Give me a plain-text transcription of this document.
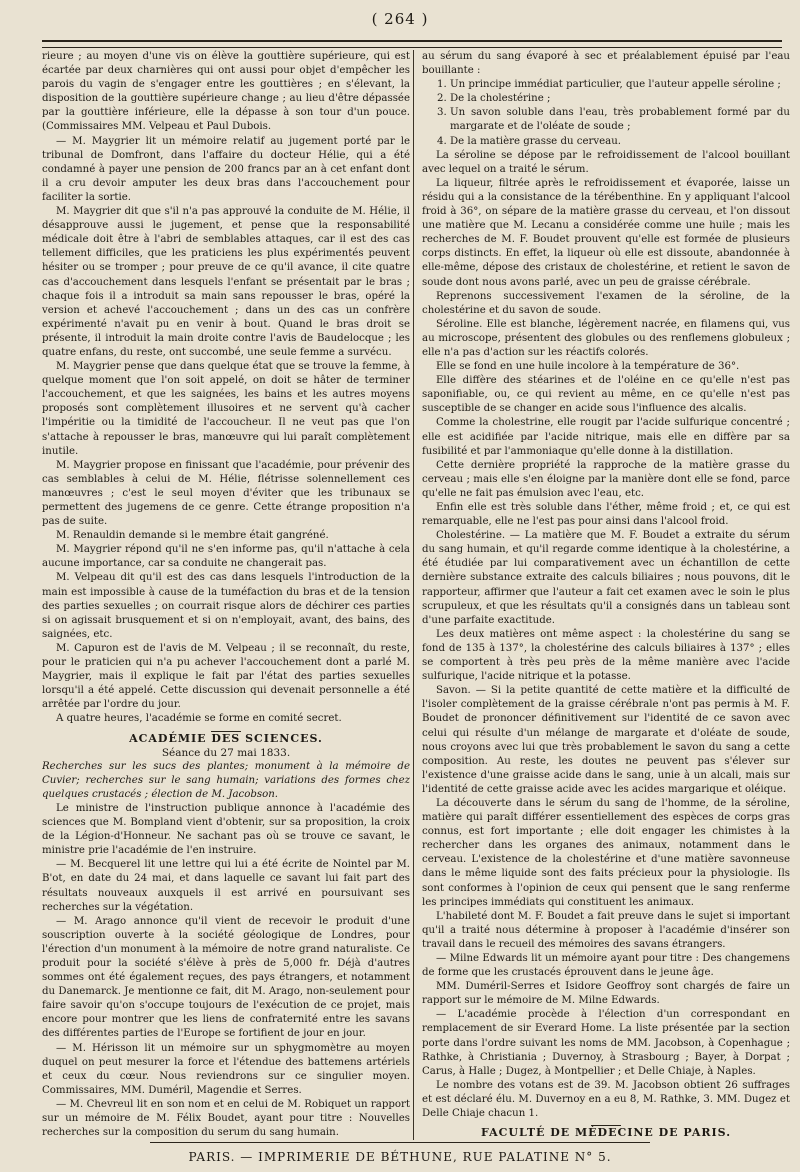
( 264 )

rieure ; au moyen d'une vis on élève la gouttière supérieure, qui est écartée par deux charnières qui ont aussi pour objet d'empêcher les parois du vagin de s'engager entre les gouttières ; en s'élevant, la disposition de la gouttière supérieure change ; au lieu d'être dépassée par la gouttière inférieure, elle la dépasse à son tour d'un pouce. (Commissaires MM. Velpeau et Paul Dubois.

— M. Maygrier lit un mémoire relatif au jugement porté par le tribunal de Domfront, dans l'affaire du docteur Hélie, qui a été condamné à payer une pension de 200 francs par an à cet enfant dont il a cru devoir amputer les deux bras dans l'accouchement pour faciliter la sortie.

M. Maygrier dit que s'il n'a pas approuvé la conduite de M. Hélie, il désapprouve aussi le jugement, et pense que la responsabilité médicale doit être à l'abri de semblables attaques, car il est des cas tellement difficiles, que les praticiens les plus expérimentés peuvent hésiter ou se tromper ; pour preuve de ce qu'il avance, il cite quatre cas d'accouchement dans lesquels l'enfant se présentait par le bras ; chaque fois il a introduit sa main sans repousser le bras, opéré la version et achevé l'accouchement ; dans un des cas un confrère expérimenté n'avait pu en venir à bout. Quand le bras droit se présente, il introduit la main droite contre l'avis de Baudelocque ; les quatre enfans, du reste, ont succombé, une seule femme a survécu.

M. Maygrier pense que dans quelque état que se trouve la femme, à quelque moment que l'on soit appelé, on doit se hâter de terminer l'accouchement, et que les saignées, les bains et les autres moyens proposés sont complètement illusoires et ne servent qu'à cacher l'impéritie ou la timidité de l'accoucheur. Il ne veut pas que l'on s'attache à repousser le bras, manœuvre qui lui paraît complètement inutile.

M. Maygrier propose en finissant que l'académie, pour prévenir des cas semblables à celui de M. Hélie, flétrisse solennellement ces manœuvres ; c'est le seul moyen d'éviter que les tribunaux se permettent des jugemens de ce genre. Cette étrange proposition n'a pas de suite.

M. Renauldin demande si le membre était gangréné.

M. Maygrier répond qu'il ne s'en informe pas, qu'il n'attache à cela aucune importance, car sa conduite ne changerait pas.

M. Velpeau dit qu'il est des cas dans lesquels l'introduction de la main est impossible à cause de la tuméfaction du bras et de la tension des parties sexuelles ; on courrait risque alors de déchirer ces parties si on agissait brusquement et si on n'employait, avant, des bains, des saignées, etc.

M. Capuron est de l'avis de M. Velpeau ; il se reconnaît, du reste, pour le praticien qui n'a pu achever l'accouchement dont a parlé M. Maygrier, mais il explique le fait par l'état des parties sexuelles lorsqu'il a été appelé. Cette discussion qui devenait personnelle a été arrêtée par l'ordre du jour.

A quatre heures, l'académie se forme en comité secret.

ACADÉMIE DES SCIENCES.

Séance du 27 mai 1833.

Recherches sur les sucs des plantes; monument à la mémoire de Cuvier; recherches sur le sang humain; variations des formes chez quelques crustacés ; élection de M. Jacobson.

Le ministre de l'instruction publique annonce à l'académie des sciences que M. Bompland vient d'obtenir, sur sa proposition, la croix de la Légion-d'Honneur. Ne sachant pas où se trouve ce savant, le ministre prie l'académie de l'en instruire.

— M. Becquerel lit une lettre qui lui a été écrite de Nointel par M. B'ot, en date du 24 mai, et dans laquelle ce savant lui fait part des résultats nouveaux auxquels il est arrivé en poursuivant ses recherches sur la végétation.

— M. Arago annonce qu'il vient de recevoir le produit d'une souscription ouverte à la société géologique de Londres, pour l'érection d'un monument à la mémoire de notre grand naturaliste. Ce produit pour la société s'élève à près de 5,000 fr. Déjà d'autres sommes ont été également reçues, des pays étrangers, et notamment du Danemarck. Je mentionne ce fait, dit M. Arago, non-seulement pour faire savoir qu'on s'occupe toujours de l'exécution de ce projet, mais encore pour montrer que les liens de confraternité entre les savans des différentes parties de l'Europe se fortifient de jour en jour.

— M. Hérisson lit un mémoire sur un sphygmomètre au moyen duquel on peut mesurer la force et l'étendue des battemens artériels et ceux du cœur. Nous reviendrons sur ce singulier moyen. Commissaires, MM. Duméril, Magendie et Serres.

— M. Chevreul lit en son nom et en celui de M. Robiquet un rapport sur un mémoire de M. Félix Boudet, ayant pour titre : Nouvelles recherches sur la composition du serum du sang humain.

au sérum du sang évaporé à sec et préalablement épuisé par l'eau bouillante :

1. Un principe immédiat particulier, que l'auteur appelle séroline ;
2. De la cholestérine ;
3. Un savon soluble dans l'eau, très probablement formé par du margarate et de l'oléate de soude ;
4. De la matière grasse du cerveau.

La séroline se dépose par le refroidissement de l'alcool bouillant avec lequel on a traité le sérum.

La liqueur, filtrée après le refroidissement et évaporée, laisse un résidu qui a la consistance de la térébenthine. En y appliquant l'alcool froid à 36°, on sépare de la matière grasse du cerveau, et l'on dissout une matière que M. Lecanu a considérée comme une huile ; mais les recherches de M. F. Boudet prouvent qu'elle est formée de plusieurs corps distincts. En effet, la liqueur où elle est dissoute, abandonnée à elle-même, dépose des cristaux de cholestérine, et retient le savon de soude dont nous avons parlé, avec un peu de graisse cérébrale.

Reprenons successivement l'examen de la séroline, de la cholestérine et du savon de soude.

Séroline. Elle est blanche, légèrement nacrée, en filamens qui, vus au microscope, présentent des globules ou des renflemens globuleux ; elle n'a pas d'action sur les réactifs colorés.

Elle se fond en une huile incolore à la température de 36°.

Elle diffère des stéarines et de l'oléine en ce qu'elle n'est pas saponifiable, ou, ce qui revient au même, en ce qu'elle n'est pas susceptible de se changer en acide sous l'influence des alcalis.

Comme la cholestrine, elle rougit par l'acide sulfurique concentré ; elle est acidifiée par l'acide nitrique, mais elle en diffère par sa fusibilité et par l'ammoniaque qu'elle donne à la distillation.

Cette dernière propriété la rapproche de la matière grasse du cerveau ; mais elle s'en éloigne par la manière dont elle se fond, parce qu'elle ne fait pas émulsion avec l'eau, etc.

Enfin elle est très soluble dans l'éther, même froid ; et, ce qui est remarquable, elle ne l'est pas pour ainsi dans l'alcool froid.

Cholestérine. — La matière que M. F. Boudet a extraite du sérum du sang humain, et qu'il regarde comme identique à la cholestérine, a été étudiée par lui comparativement avec un échantillon de cette dernière substance extraite des calculs biliaires ; nous pouvons, dit le rapporteur, affirmer que l'auteur a fait cet examen avec le soin le plus scrupuleux, et que les résultats qu'il a consignés dans un tableau sont d'une parfaite exactitude.

Les deux matières ont même aspect : la cholestérine du sang se fond de 135 à 137°, la cholestérine des calculs biliaires à 137° ; elles se comportent à très peu près de la même manière avec l'acide sulfurique, l'acide nitrique et la potasse.

Savon. — Si la petite quantité de cette matière et la difficulté de l'isoler complètement de la graisse cérébrale n'ont pas permis à M. F. Boudet de prononcer définitivement sur l'identité de ce savon avec celui qui résulte d'un mélange de margarate et d'oléate de soude, nous croyons avec lui que très probablement le savon du sang a cette composition. Au reste, les doutes ne peuvent pas s'élever sur l'existence d'une graisse acide dans le sang, unie à un alcali, mais sur l'identité de cette graisse acide avec les acides margarique et oléique.

La découverte dans le sérum du sang de l'homme, de la séroline, matière qui paraît différer essentiellement des espèces de corps gras connus, est fort importante ; elle doit engager les chimistes à la rechercher dans les organes des animaux, notamment dans le cerveau. L'existence de la cholestérine et d'une matière savonneuse dans le même liquide sont des faits précieux pour la physiologie. Ils sont conformes à l'opinion de ceux qui pensent que le sang renferme les principes immédiats qui constituent les animaux.

L'habileté dont M. F. Boudet a fait preuve dans le sujet si important qu'il a traité nous détermine à proposer à l'académie d'insérer son travail dans le recueil des mémoires des savans étrangers.

— Milne Edwards lit un mémoire ayant pour titre : Des changemens de forme que les crustacés éprouvent dans le jeune âge.

MM. Duméril-Serres et Isidore Geoffroy sont chargés de faire un rapport sur le mémoire de M. Milne Edwards.

— L'académie procède à l'élection d'un correspondant en remplacement de sir Everard Home. La liste présentée par la section porte dans l'ordre suivant les noms de MM. Jacobson, à Copenhague ; Rathke, à Christiania ; Duvernoy, à Strasbourg ; Bayer, à Dorpat ; Carus, à Halle ; Dugez, à Montpellier ; et Delle Chiaje, à Naples.

Le nombre des votans est de 39. M. Jacobson obtient 26 suffrages et est déclaré élu. M. Duvernoy en a eu 8, M. Rathke, 3. MM. Dugez et Delle Chiaje chacun 1.

FACULTÉ DE MÉDECINE DE PARIS.

PARIS. — IMPRIMERIE DE BÉTHUNE, RUE PALATINE N° 5.
